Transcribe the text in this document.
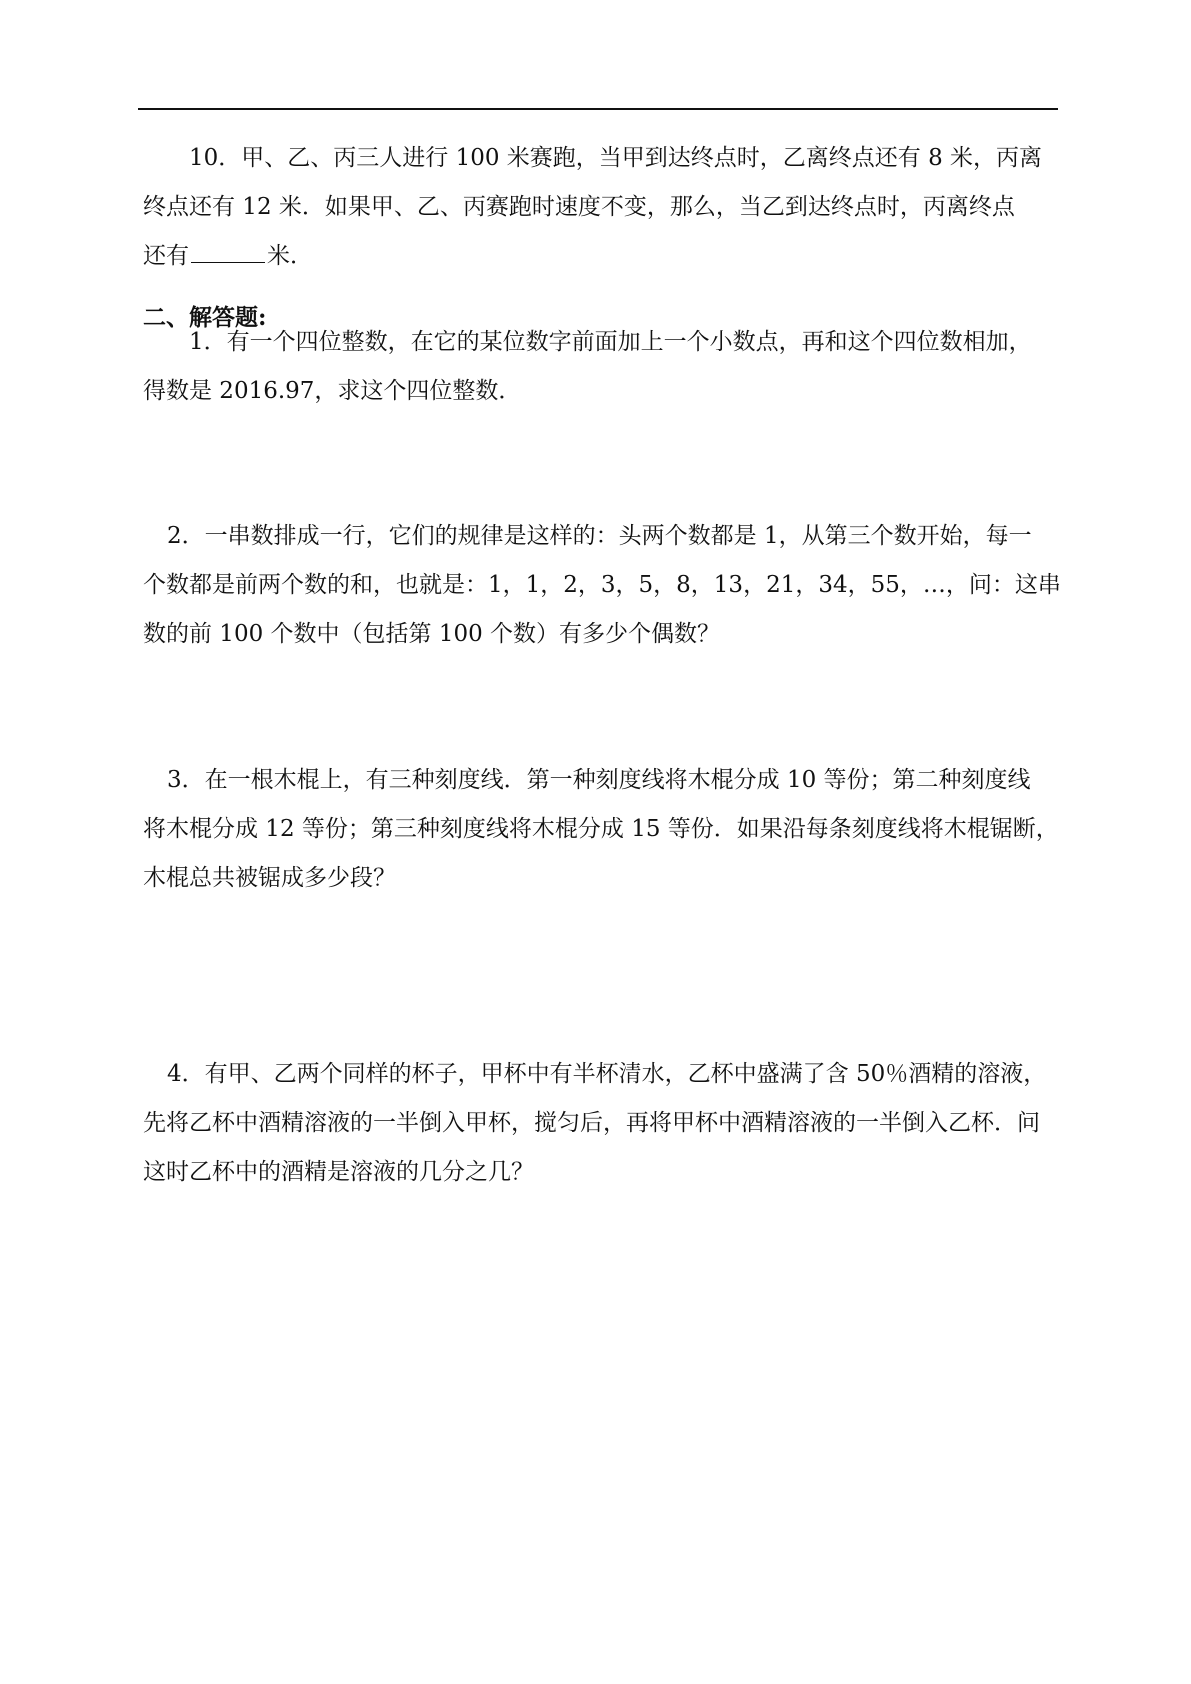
10．甲、乙、丙三人进行 100 米赛跑，当甲到达终点时，乙离终点还有 8 米，丙离
终点还有 12 米．如果甲、乙、丙赛跑时速度不变，那么，当乙到达终点时，丙离终点
还有	米．
二、解答题:
1．有一个四位整数，在它的某位数字前面加上一个小数点，再和这个四位数相加，
得数是 2016.97，求这个四位整数．
2．一串数排成一行，它们的规律是这样的：头两个数都是 1，从第三个数开始，每一
个数都是前两个数的和，也就是：1，1，2，3，5，8，13，21，34，55，…，问：这串
数的前 100 个数中（包括第 100 个数）有多少个偶数？
3．在一根木棍上，有三种刻度线．第一种刻度线将木棍分成 10 等份；第二种刻度线
将木棍分成 12 等份；第三种刻度线将木棍分成 15 等份．如果沿每条刻度线将木棍锯断，
木棍总共被锯成多少段？
4．有甲、乙两个同样的杯子，甲杯中有半杯清水，乙杯中盛满了含 50％酒精的溶液，
先将乙杯中酒精溶液的一半倒入甲杯，搅匀后，再将甲杯中酒精溶液的一半倒入乙杯．问
这时乙杯中的酒精是溶液的几分之几？
